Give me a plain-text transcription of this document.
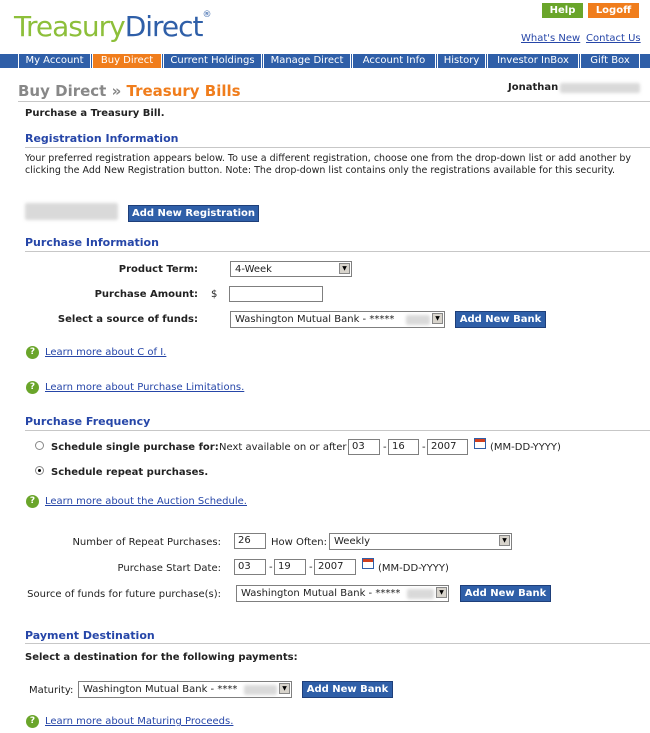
TreasuryDirect®	Help	Logoff
What's New Contact Us
My Account	Buy Direct	Current Holdings	Manage Direct	Account Info	History	Investor InBox	Gift Box
Buy Direct » Treasury Bills	Jonathan
Purchase a Treasury Bill.
Registration Information
Your preferred registration appears below. To use a different registration, choose one from the drop-down list or add another by clicking the Add New Registration button. Note: The drop-down list contains only the registrations available for this security.
Add New Registration
Purchase Information
Product Term:	4-Week	▼
Purchase Amount: $
Select a source of funds:	Washington Mutual Bank - *****	▼	Add New Bank
? Learn more about C of I.
? Learn more about Purchase Limitations.
Purchase Frequency
Schedule single purchase for: Next available on or after 03	- 16	- 2007	(MM-DD-YYYY)
Schedule repeat purchases.
? Learn more about the Auction Schedule.
Number of Repeat Purchases:	26	How Often: Weekly	▼
Purchase Start Date:	03	- 19	- 2007	(MM-DD-YYYY)
Source of funds for future purchase(s):	Washington Mutual Bank - *****	▼	Add New Bank
Payment Destination
Select a destination for the following payments:
Maturity: Washington Mutual Bank - ****	▼	Add New Bank
? Learn more about Maturing Proceeds.
